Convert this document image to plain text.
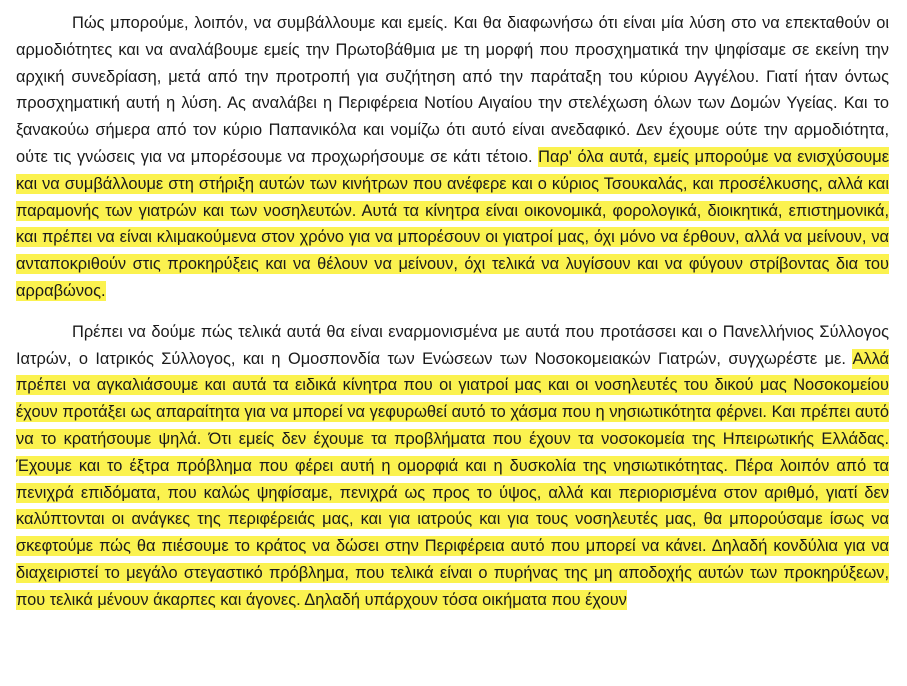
Πώς μπορούμε, λοιπόν, να συμβάλλουμε και εμείς. Και θα διαφωνήσω ότι είναι μία λύση στο να επεκταθούν οι αρμοδιότητες και να αναλάβουμε εμείς την Πρωτοβάθμια με τη μορφή που προσχηματικά την ψηφίσαμε σε εκείνη την αρχική συνεδρίαση, μετά από την προτροπή για συζήτηση από την παράταξη του κύριου Αγγέλου. Γιατί ήταν όντως προσχηματική αυτή η λύση. Ας αναλάβει η Περιφέρεια Νοτίου Αιγαίου την στελέχωση όλων των Δομών Υγείας. Και το ξανακούω σήμερα από τον κύριο Παπανικόλα και νομίζω ότι αυτό είναι ανεδαφικό. Δεν έχουμε ούτε την αρμοδιότητα, ούτε τις γνώσεις για να μπορέσουμε να προχωρήσουμε σε κάτι τέτοιο. Παρ' όλα αυτά, εμείς μπορούμε να ενισχύσουμε και να συμβάλλουμε στη στήριξη αυτών των κινήτρων που ανέφερε και ο κύριος Τσουκαλάς, και προσέλκυσης, αλλά και παραμονής των γιατρών και των νοσηλευτών. Αυτά τα κίνητρα είναι οικονομικά, φορολογικά, διοικητικά, επιστημονικά, και πρέπει να είναι κλιμακούμενα στον χρόνο για να μπορέσουν οι γιατροί μας, όχι μόνο να έρθουν, αλλά να μείνουν, να ανταποκριθούν στις προκηρύξεις και να θέλουν να μείνουν, όχι τελικά να λυγίσουν και να φύγουν στρίβοντας δια του αρραβώνος.

Πρέπει να δούμε πώς τελικά αυτά θα είναι εναρμονισμένα με αυτά που προτάσσει και ο Πανελλήνιος Σύλλογος Ιατρών, ο Ιατρικός Σύλλογος, και η Ομοσπονδία των Ενώσεων των Νοσοκομειακών Γιατρών, συγχωρέστε με. Αλλά πρέπει να αγκαλιάσουμε και αυτά τα ειδικά κίνητρα που οι γιατροί μας και οι νοσηλευτές του δικού μας Νοσοκομείου έχουν προτάξει ως απαραίτητα για να μπορεί να γεφυρωθεί αυτό το χάσμα που η νησιωτικότητα φέρνει. Και πρέπει αυτό να το κρατήσουμε ψηλά. Ότι εμείς δεν έχουμε τα προβλήματα που έχουν τα νοσοκομεία της Ηπειρωτικής Ελλάδας. Έχουμε και το έξτρα πρόβλημα που φέρει αυτή η ομορφιά και η δυσκολία της νησιωτικότητας. Πέρα λοιπόν από τα πενιχρά επιδόματα, που καλώς ψηφίσαμε, πενιχρά ως προς το ύψος, αλλά και περιορισμένα στον αριθμό, γιατί δεν καλύπτονται οι ανάγκες της περιφέρειάς μας, και για ιατρούς και για τους νοσηλευτές μας, θα μπορούσαμε ίσως να σκεφτούμε πώς θα πιέσουμε το κράτος να δώσει στην Περιφέρεια αυτό που μπορεί να κάνει. Δηλαδή κονδύλια για να διαχειριστεί το μεγάλο στεγαστικό πρόβλημα, που τελικά είναι ο πυρήνας της μη αποδοχής αυτών των προκηρύξεων, που τελικά μένουν άκαρπες και άγονες. Δηλαδή υπάρχουν τόσα οικήματα που έχουν
